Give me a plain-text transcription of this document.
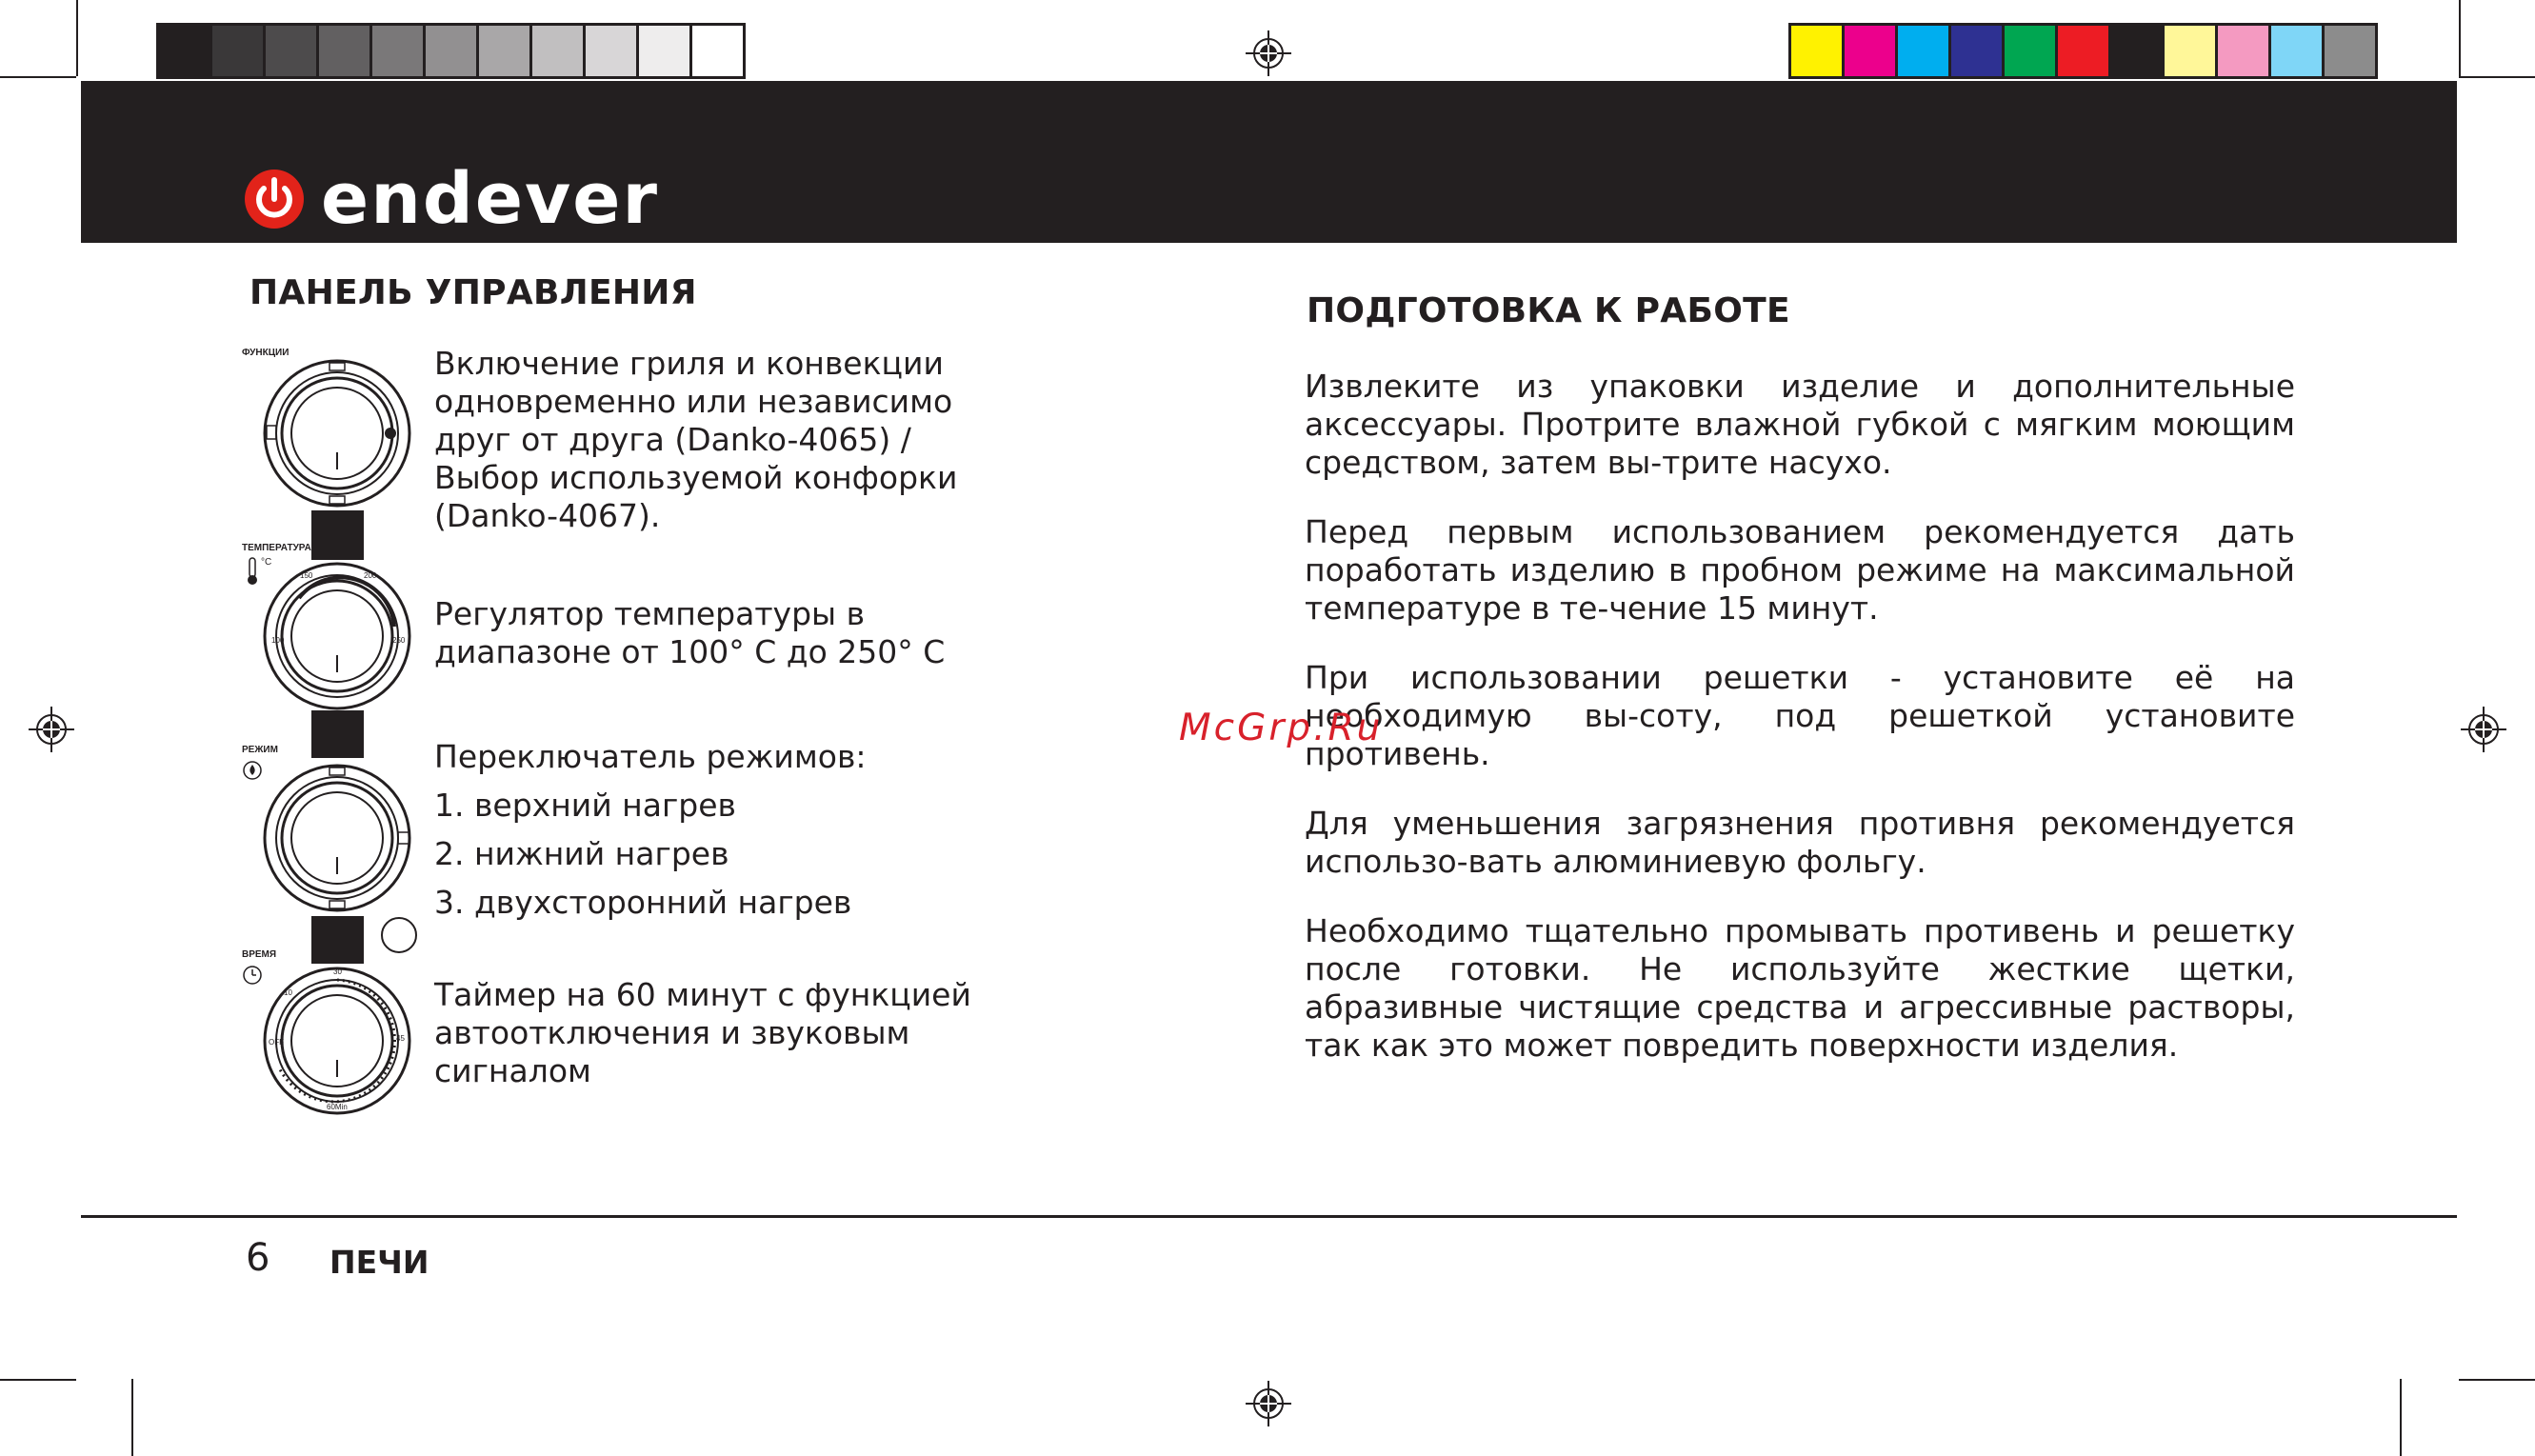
endever
ПАНЕЛЬ УПРАВЛЕНИЯ
ФУНКЦИИ	Включение гриля и конвекции

одновременно или независимо

друг от друга (Danko-4065) /

Выбор используемой конфорки

(Danko-4067).

ТЕМПЕРАТУРА
°C
150	200
100	250

Регулятор температуры в

диапазоне от 100° С до 250° С

РЕЖИМ	Переключатель режимов:

1. верхний нагрев

2. нижний нагрев

3. двухсторонний нагрев

ВРЕМЯ
30
10
OFF	45
60Min

Таймер на 60 минут с функцией

автоотключения и звуковым

сигналом

ПОДГОТОВКА К РАБОТЕ

Извлеките из упаковки изделие и дополнительные аксессуары. Протрите влажной губкой с мягким моющим средством, затем вы-трите насухо.

Перед первым использованием рекомендуется дать поработать изделию в пробном режиме на максимальной температуре в те-чение 15 минут.

При использовании решетки - установите её на необходимую вы-соту, под решеткой установите противень.

Для уменьшения загрязнения противня рекомендуется использо-вать алюминиевую фольгу.

Необходимо тщательно промывать противень и решетку после готовки. Не используйте жесткие щетки, абразивные чистящие средства и агрессивные растворы, так как это может повредить поверхности изделия.

McGrp.Ru
6 ПЕЧИ
